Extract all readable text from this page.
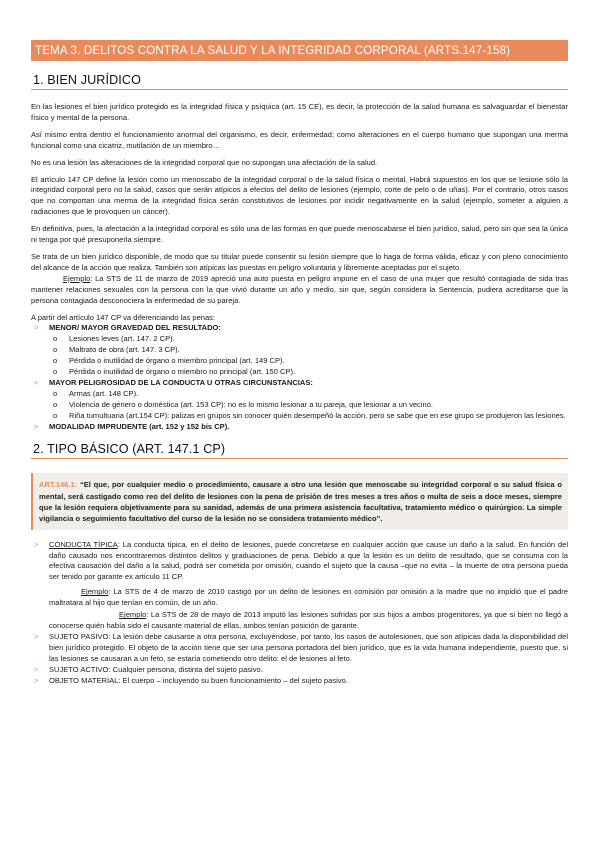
TEMA 3. DELITOS CONTRA LA SALUD Y LA INTEGRIDAD CORPORAL (ARTS.147-158)
1. BIEN JURÍDICO

En las lesiones el bien jurídico protegido es la integridad física y psíquica (art. 15 CE), es decir, la protección de la salud humana es salvaguardar el bienestar físico y mental de la persona.

Así mismo entra dentro el funcionamiento anormal del organismo, es decir, enfermedad; como alteraciones en el cuerpo humano que supongan una merma funcional como una cicatriz, mutilación de un miembro…

No es una lesión las alteraciones de la integridad corporal que no supongan una afectación de la salud.

El artículo 147 CP define la lesión como un menoscabo de la integridad corporal o de la salud física o mental. Habrá supuestos en los que se lesione sólo la integridad corporal pero no la salud, casos que serán atípicos a efectos del delito de lesiones (ejemplo, corte de pelo o de uñas). Por el contrario, otros casos que no comportan una merma de la integridad física serán constitutivos de lesiones por incidir negativamente en la salud (ejemplo, someter a alguien a radiaciones que le provoquen un cáncer).

En definitiva, pues, la afectación a la integridad corporal es sólo una de las formas en que puede menoscabarse el bien jurídico, salud, pero sin que sea la única ni tenga por qué presuponerla siempre.

Se trata de un bien jurídico disponible, de modo que su titular puede consentir su lesión siempre que lo haga de forma válida, eficaz y con pleno conocimiento del alcance de la acción que realiza. También son atípicas las puestas en peligro voluntaria y libremente aceptadas por el sujeto.

Ejemplo: La STS de 11 de marzo de 2019 apreció una auto puesta en peligro impune en el caso de una mujer que resultó contagiada de sida tras mantener relaciones sexuales con la persona con la que vivió durante un año y medio, sin que, según considera la Sentencia, pudiera acreditarse que la persona contagiada desconociera la enfermedad de su pareja.

A partir del artículo 147 CP va diferenciando las penas:

> MENOR/ MAYOR GRAVEDAD DEL RESULTADO:
o Lesiones leves (art. 147. 2 CP).
o Maltrato de obra (art. 147. 3 CP).
o Pérdida o inutilidad de órgano o miembro principal (art. 149 CP).
o Pérdida o inutilidad de órgano o miembro no principal (art. 150 CP).
> MAYOR PELIGROSIDAD DE LA CONDUCTA U OTRAS CIRCUNSTANCIAS:
o Armas (art. 148 CP).
o Violencia de género o doméstica (art. 153 CP): no es lo mismo lesionar a tu pareja, que lesionar a un vecino.
o Riña tumultuaria (art.154 CP): palizas en grupos sin conocer quién desempeñó la acción, pero se sabe que en ese grupo se produjeron las lesiones.
> MODALIDAD IMPRUDENTE (art. 152 y 152 bis CP).
2. TIPO BÁSICO (ART. 147.1 CP)
ART.146.1: “El que, por cualquier medio o procedimiento, causare a otro una lesión que menoscabe su integridad corporal o su salud física o mental, será castigado como reo del delito de lesiones con la pena de prisión de tres meses a tres años o multa de seis a doce meses, siempre que la lesión requiera objetivamente para su sanidad, además de una primera asistencia facultativa, tratamiento médico o quirúrgico. La simple vigilancia o seguimiento facultativo del curso de la lesión no se considera tratamiento médico”.
> CONDUCTA TÍPICA: La conducta típica, en el delito de lesiones, puede concretarse en cualquier acción que cause un daño a la salud. En función del daño causado nos encontraremos distintos delitos y graduaciones de pena. Debido a que la lesión es un delito de resultado, que se consuma con la efectiva causación del daño a la salud, podrá ser cometida por omisión, cuando el sujeto que la causa –que no evita – la muerte de otra persona pueda ser tenido por garante ex artículo 11 CP.

Ejemplo: La STS de 4 de marzo de 2010 castigó por un delito de lesiones en comisión por omisión a la madre que no impidió que el padre maltratara al hijo que tenían en común, de un año.

Ejemplo: La STS de 28 de mayo de 2013 imputó las lesiones sufridas por sus hijos a ambos progenitores, ya que si bien no llegó a conocerse quién había sido el causante material de ellas, ambos tenían posición de garante.

> SUJETO PASIVO: La lesión debe causarse a otra persona, excluyéndose, por tanto, los casos de autolesiones, que son atípicas dada la disponibilidad del bien jurídico protegido. El objeto de la acción tiene que ser una persona portadora del bien jurídico, que es la vida humana independiente, puesto que, si las lesiones se causaran a un feto, se estaría cometiendo otro delito: el de lesiones al feto.
> SUJETO ACTIVO: Cualquier persona, distinta del sujeto pasivo.
> OBJETO MATERIAL: El cuerpo – incluyendo su buen funcionamiento – del sujeto pasivo.
